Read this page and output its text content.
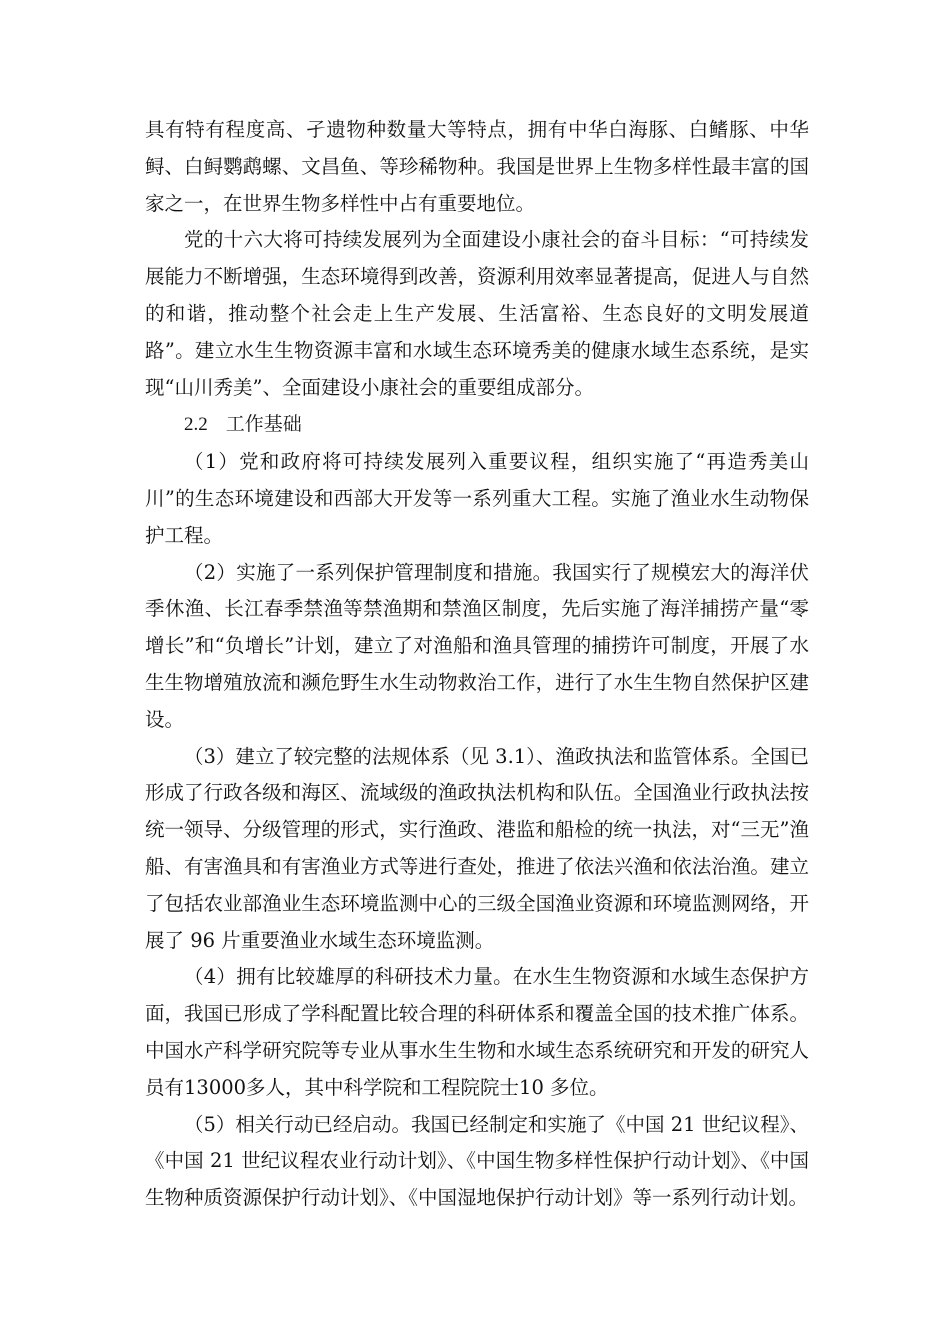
具有特有程度高、孑遗物种数量大等特点，拥有中华白海豚、白鳍豚、中华鲟、白鲟鹦鹉螺、文昌鱼、等珍稀物种。我国是世界上生物多样性最丰富的国家之一，在世界生物多样性中占有重要地位。

党的十六大将可持续发展列为全面建设小康社会的奋斗目标：“可持续发展能力不断增强，生态环境得到改善，资源利用效率显著提高，促进人与自然的和谐，推动整个社会走上生产发展、生活富裕、生态良好的文明发展道路”。建立水生生物资源丰富和水域生态环境秀美的健康水域生态系统，是实现“山川秀美”、全面建设小康社会的重要组成部分。

2.2 工作基础

（1）党和政府将可持续发展列入重要议程，组织实施了“再造秀美山川”的生态环境建设和西部大开发等一系列重大工程。实施了渔业水生动物保护工程。

（2）实施了一系列保护管理制度和措施。我国实行了规模宏大的海洋伏季休渔、长江春季禁渔等禁渔期和禁渔区制度，先后实施了海洋捕捞产量“零增长”和“负增长”计划，建立了对渔船和渔具管理的捕捞许可制度，开展了水生生物增殖放流和濒危野生水生动物救治工作，进行了水生生物自然保护区建设。

（3）建立了较完整的法规体系（见 3.1）、渔政执法和监管体系。全国已形成了行政各级和海区、流域级的渔政执法机构和队伍。全国渔业行政执法按统一领导、分级管理的形式，实行渔政、港监和船检的统一执法，对“三无”渔船、有害渔具和有害渔业方式等进行查处，推进了依法兴渔和依法治渔。建立了包括农业部渔业生态环境监测中心的三级全国渔业资源和环境监测网络，开展了 96 片重要渔业水域生态环境监测。

（4）拥有比较雄厚的科研技术力量。在水生生物资源和水域生态保护方面，我国已形成了学科配置比较合理的科研体系和覆盖全国的技术推广体系。中国水产科学研究院等专业从事水生生物和水域生态系统研究和开发的研究人员有13000多人，其中科学院和工程院院士10 多位。

（5）相关行动已经启动。我国已经制定和实施了《中国 21 世纪议程》、《中国 21 世纪议程农业行动计划》、《中国生物多样性保护行动计划》、《中国生物种质资源保护行动计划》、《中国湿地保护行动计划》等一系列行动计划。
